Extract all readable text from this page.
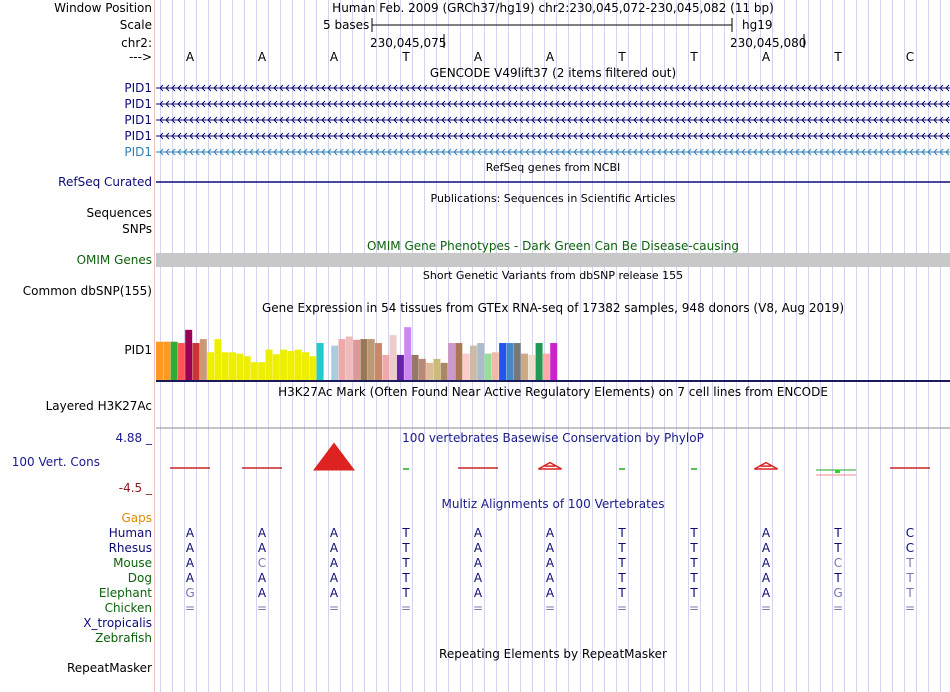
Window Position
Scale
chr2:
--->
Human Feb. 2009 (GRCh37/hg19) chr2:230,045,072-230,045,082 (11 bp)
5 bases	hg19
230,045,075	230,045,080
A	A	A	T	A	A	T	T	A	T	C
GENCODE V49lift37 (2 items filtered out)
PID1
PID1
PID1
PID1
PID1
RefSeq genes from NCBI
RefSeq Curated
Publications: Sequences in Scientific Articles
Sequences
SNPs
OMIM Gene Phenotypes - Dark Green Can Be Disease-causing
OMIM Genes
Short Genetic Variants from dbSNP release 155
Common dbSNP(155)
Gene Expression in 54 tissues from GTEx RNA-seq of 17382 samples, 948 donors (V8, Aug 2019)
PID1
H3K27Ac Mark (Often Found Near Active Regulatory Elements) on 7 cell lines from ENCODE
Layered H3K27Ac
100 vertebrates Basewise Conservation by PhyloP
4.88 _
100 Vert. Cons
-4.5 _
Multiz Alignments of 100 Vertebrates
Gaps
Human	A	A	A	T	A	A	T	T	A	T	C
Rhesus	A	A	A	T	A	A	T	T	A	T	C
Mouse	A	C	A	T	A	A	T	T	A	C	T
Dog	A	A	A	T	A	A	T	T	A	T	T
Elephant	G	A	A	T	A	A	T	T	A	G	T
Chicken	=	=	=	=	=	=	=	=	=	=	=
X_tropicalis
Zebrafish
Repeating Elements by RepeatMasker
RepeatMasker
